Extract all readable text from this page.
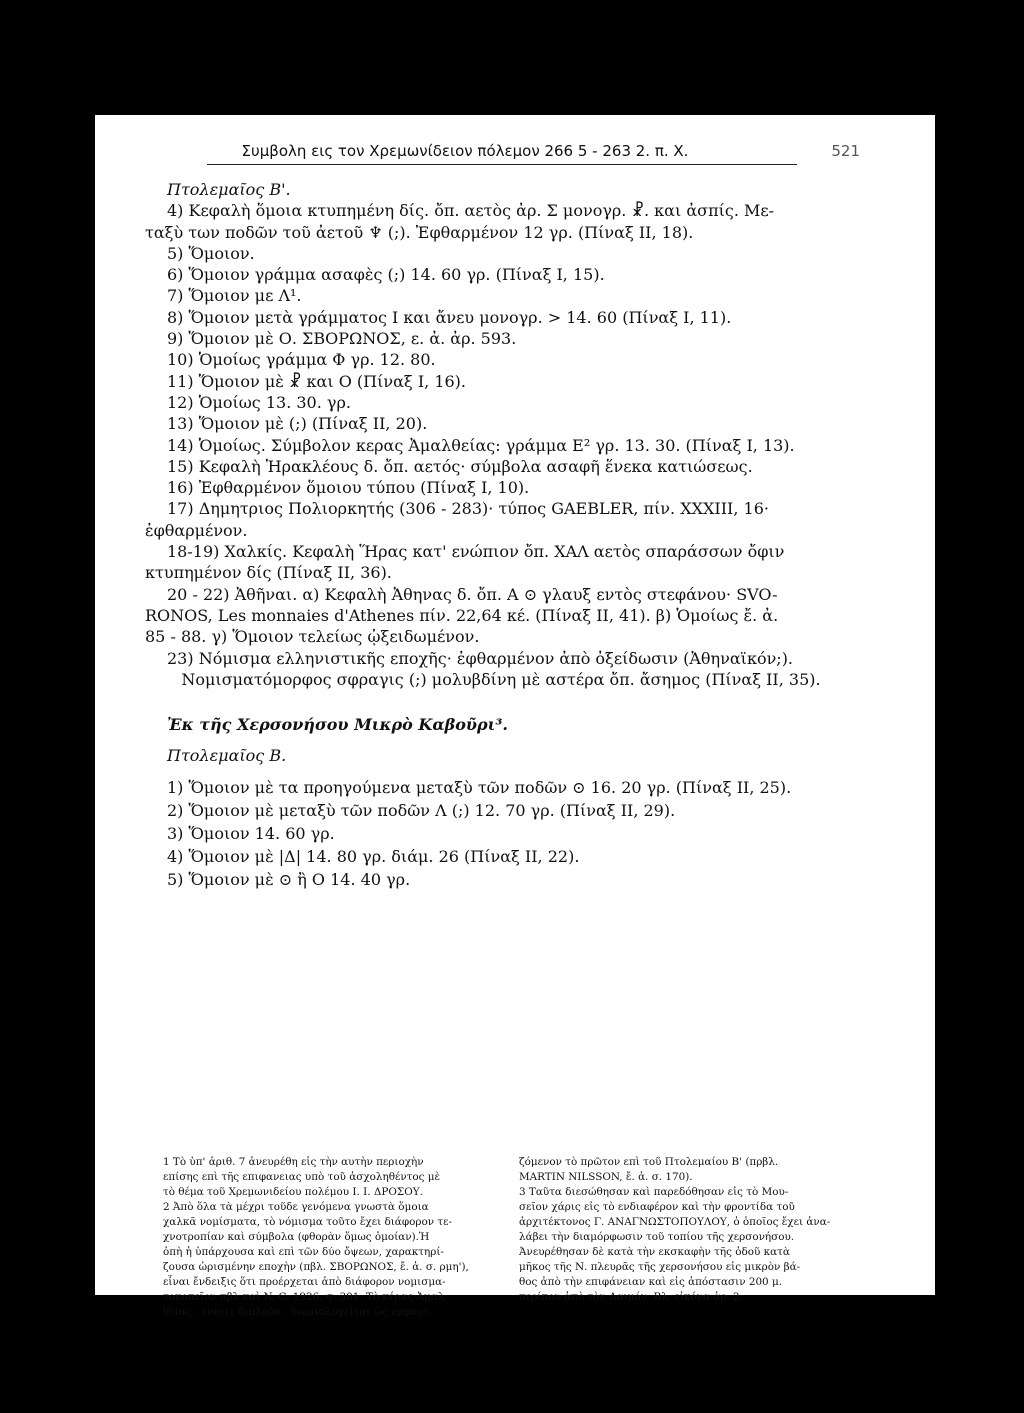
Συμβολη εις τον Χρεμωνίδειον πόλεμον 266 5 - 263 2. π. Χ.	521
Πτολεμαῖος Β'.
4) Κεφαλὴ ὅμοια κτυπημένη δίς. ὄπ. αετὸς ἀρ. Σ μονογρ. ☧. και ἀσπίς. Με-
ταξὺ των ποδῶν τοῦ ἀετοῦ ♆ (;). Ἐφθαρμένον 12 γρ. (Πίναξ II, 18).
5) Ὅμοιον.
6) Ὅμοιον γράμμα ασαφὲς (;) 14. 60 γρ. (Πίναξ I, 15).
7) Ὅμοιον με Λ¹.
8) Ὅμοιον μετὰ γράμματος Ι και ἄνευ μονογρ. > 14. 60 (Πίναξ I, 11).
9) Ὅμοιον μὲ Ο. ΣΒΟΡΩΝΟΣ, ε. ἀ. ἀρ. 593.
10) Ὁμοίως γράμμα Φ γρ. 12. 80.
11) Ὅμοιον μὲ ☧ και Ο (Πίναξ I, 16).
12) Ὁμοίως 13. 30. γρ.
13) Ὅμοιον μὲ (;) (Πίναξ II, 20).
14) Ὁμοίως. Σύμβολον κερας Ἀμαλθείας: γράμμα Ε² γρ. 13. 30. (Πίναξ I, 13).
15) Κεφαλὴ Ἡρακλέους δ. ὄπ. αετός· σύμβολα ασαφῆ ἕνεκα κατιώσεως.
16) Ἐφθαρμένον ὅμοιου τύπου (Πίναξ I, 10).
17) Δημητριος Πολιορκητής (306 - 283)· τύπος GAEBLER, πίν. XXXIII, 16·
ἐφθαρμένον.
18-19) Χαλκίς. Κεφαλὴ Ἥρας κατ' ενώπιον ὄπ. ΧΑΛ αετὸς σπαράσσων ὄφιν
κτυπημένον δίς (Πίναξ II, 36).
20 - 22) Ἀθῆναι. α) Κεφαλὴ Ἀθηνας δ. ὄπ. Α ⊙ γλαυξ εντὸς στεφάνου· SVO-
RONOS, Les monnaies d'Athenes πίν. 22,64 κέ. (Πίναξ II, 41). β) Ὁμοίως ἔ. ἀ.
85 - 88. γ) Ὅμοιον τελείως ᾠξειδωμένον.
23) Νόμισμα ελληνιστικῆς εποχῆς· ἐφθαρμένον ἀπὸ ὀξείδωσιν (Ἀθηναϊκόν;).
Νομισματόμορφος σφραγις (;) μολυβδίνη μὲ αστέρα ὄπ. ἄσημος (Πίναξ II, 35).
Ἐκ τῆς Χερσονήσου Μικρὸ Καβοῦρι³.
Πτολεμαῖος Β.
1) Ὅμοιον μὲ τα προηγούμενα μεταξὺ τῶν ποδῶν ⊙ 16. 20 γρ. (Πίναξ II, 25).
2) Ὅμοιον μὲ μεταξὺ τῶν ποδῶν Λ (;) 12. 70 γρ. (Πίναξ II, 29).
3) Ὅμοιον 14. 60 γρ.
4) Ὅμοιον μὲ |Δ| 14. 80 γρ. διάμ. 26 (Πίναξ II, 22).
5) Ὅμοιον μὲ ⊙ ἢ Ο 14. 40 γρ.
1 Τὸ ὑπ' ἀριθ. 7 ἀνευρέθη εἰς τὴν αυτὴν περιοχὴν
επίσης επὶ τῆς επιφανειας υπὸ τοῦ ἀσχοληθέντος μὲ
τὸ θέμα τοῦ Χρεμωνιδείου πολέμου Ι. Ι. ΔΡΟΣΟΥ.
2 Ἀπὸ ὅλα τὰ μέχρι τοῦδε γενόμενα γνωστὰ ὅμοια
χαλκᾶ νομίσματα, τὸ νόμισμα τοῦτο ἔχει διάφορον τε-
χνοτροπίαν καὶ σύμβολα (φθορὰν ὅμως ὁμοίαν).Ἡ
ὀπὴ ἡ ὑπάρχουσα καὶ επὶ τῶν δύο ὄψεων, χαρακτηρί-
ζουσα ὡρισμένην εποχὴν (πβλ. ΣΒΟΡΩΝΟΣ, ἔ. ἀ. σ. ρμη'),
εἶναι ἔνδειξις ὅτι προέρχεται ἀπὸ διάφορον νομισμα-
τοκοπεῖον πβλ καὶ N. C. 1926, σ. 301. Τὸ κέρας Ἀμαλ-
θείας - ενίοτε διπλοῦν - δικαιολογεῖται ὡς εμφανι-
ζόμενον τὸ πρῶτον επὶ τοῦ Πτολεμαίου Β' (πρβλ.
MARTIN NILSSON, ἔ. ἀ. σ. 170).
3 Ταῦτα διεσώθησαν καὶ παρεδόθησαν εἰς τὸ Μου-
σεῖον χάρις εἰς τὸ ενδιαφέρον καὶ τὴν φροντίδα τοῦ
ἀρχιτέκτονος Γ. ΑΝΑΓΝΩΣΤΟΠΟΥΛΟΥ, ὁ ὁποῖος ἔχει ἀνα-
λάβει τὴν διαμόρφωσιν τοῦ τοπίου τῆς χερσονήσου.
Ἀνευρέθησαν δὲ κατὰ τὴν εκσκαφὴν τῆς ὁδοῦ κατὰ
μῆκος τῆς Ν. πλευρᾶς τῆς χερσονήσου εἰς μικρὸν βά-
θος ἀπὸ τὴν επιφάνειαν καὶ εἰς ἀπόστασιν 200 μ.
περίπου ἀπὸ τὸν Λαιμόν. Βλ. εἰκόνα ἀρ. 2.
